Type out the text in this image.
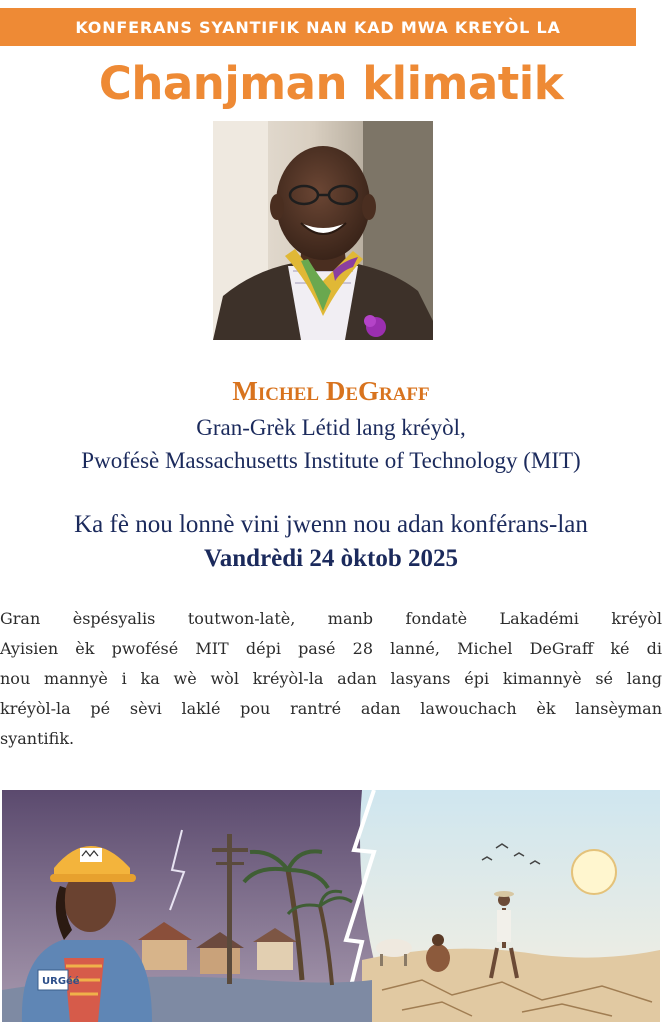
KONFERANS SYANTIFIK NAN KAD MWA KREYÒL LA
Chanjman klimatik
Michel DeGraff
Gran-Grèk Létid lang kréyòl,
Pwofésè Massachusetts Institute of Technology (MIT)
Ka fè nou lonnè vini jwenn nou adan konférans-lan
Vandrèdi 24 òktob 2025
Gran èspésyalis toutwon-latè, manb fondatè Lakadémi kréyòl
Ayisien èk pwofésé MIT dépi pasé 28 lanné, Michel DeGraff ké di
nou mannyè i ka wè wòl kréyòl-la adan lasyans épi kimannyè sé lang
kréyòl-la pé sèvi laklé pou rantré adan lawouchach èk lansèyman
syantifik.
URGéé
